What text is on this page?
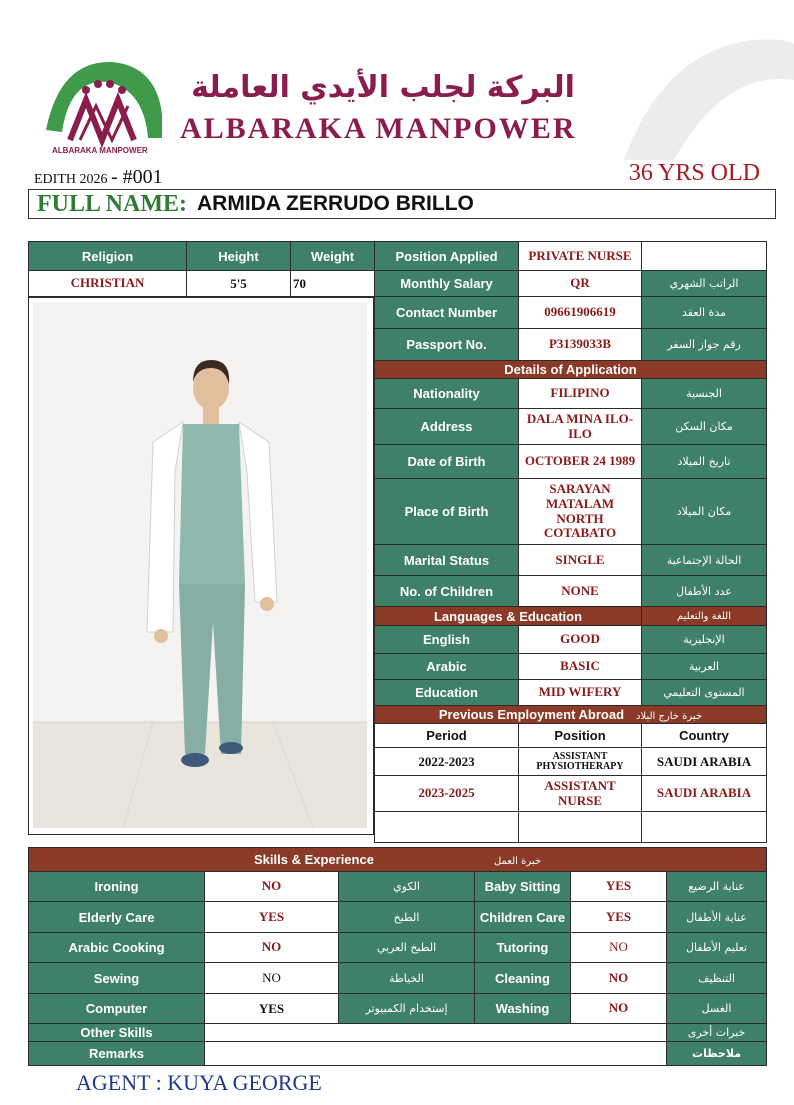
ALBARAKA MANPOWER
البركة لجلب الأيدي العاملة
ALBARAKA MANPOWER
EDITH 2026 - #001	36 YRS OLD
FULL NAME: ARMIDA ZERRUDO BRILLO
Religion	Height	Weight
CHRISTIAN	5'5	70
Position Applied	PRIVATE NURSE	
Monthly Salary	QR	الراتب الشهري
Contact Number	09661906619	مدة العقد
Passport No.	P3139033B	رقم جواز السفر
Details of Application		
Nationality	FILIPINO	الجنسية
Address	DALA MINA ILO-ILO	مكان السكن
Date of Birth	OCTOBER 24 1989	تاريخ الميلاد
Place of Birth	SARAYAN MATALAM NORTH COTABATO	مكان الميلاد
Marital Status	SINGLE	الحالة الإجتماعية
No. of Children	NONE	عدد الأطفال
Languages & Education		اللغة والتعليم
English	GOOD	الإنجليزية
Arabic	BASIC	العربية
Education	MID WIFERY	المستوى التعليمي
Previous Employment Abroad خبرة خارج البلاد		
Period	Position	Country
2022-2023	ASSISTANT PHYSIOTHERAPY	SAUDI ARABIA
2023-2025	ASSISTANT NURSE	SAUDI ARABIA

Skills & Experience خبرة العمل					
Ironing	NO	الكوي	Baby Sitting	YES	عناية الرضيع
Elderly Care	YES	الطبخ	Children Care	YES	عناية الأطفال
Arabic Cooking	NO	الطبخ العربي	Tutoring	NO	تعليم الأطفال
Sewing	NO	الخياطة	Cleaning	NO	التنظيف
Computer	YES	إستخدام الكمبيوتر	Washing	NO	الغسل
Other Skills					خبرات أخرى
Remarks					ملاحظات
AGENT : KUYA GEORGE
